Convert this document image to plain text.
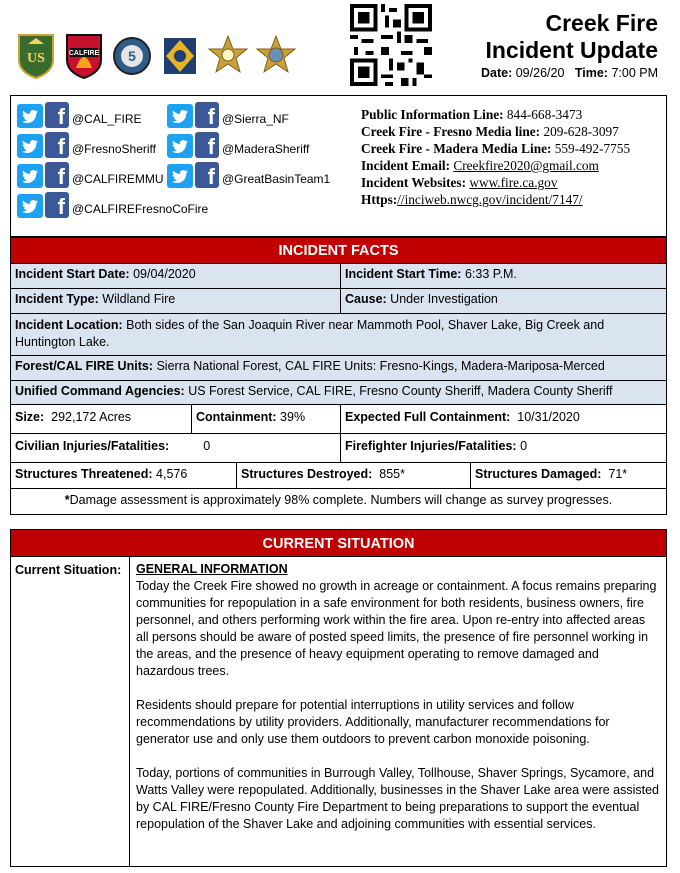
US	CALFIRE 5
Creek Fire
Incident Update
Date: 09/26/20 Time: 7:00 PM
f @CAL_FIRE
f @FresnoSheriff
f @CALFIREMMU
f @CALFIREFresnoCoFire
f @Sierra_NF
f @MaderaSheriff
f @GreatBasinTeam1
Public Information Line: 844-668-3473
Creek Fire - Fresno Media line: 209-628-3097
Creek Fire - Madera Media Line: 559-492-7755
Incident Email: Creekfire2020@gmail.com
Incident Websites: www.fire.ca.gov
Https://inciweb.nwcg.gov/incident/7147/
INCIDENT FACTS
Incident Start Date: 09/04/2020	Incident Start Time: 6:33 P.M.
Incident Type: Wildland Fire	Cause: Under Investigation
Incident Location: Both sides of the San Joaquin River near Mammoth Pool, Shaver Lake, Big Creek and Huntington Lake.
Forest/CAL FIRE Units: Sierra National Forest, CAL FIRE Units: Fresno-Kings, Madera-Mariposa-Merced
Unified Command Agencies: US Forest Service, CAL FIRE, Fresno County Sheriff, Madera County Sheriff
Size: 292,172 Acres	Containment: 39%	Expected Full Containment: 10/31/2020
Civilian Injuries/Fatalities:	0	Firefighter Injuries/Fatalities: 0
Structures Threatened: 4,576	Structures Destroyed: 855*	Structures Damaged: 71*
*Damage assessment is approximately 98% complete. Numbers will change as survey progresses.
CURRENT SITUATION
Current Situation:	GENERAL INFORMATION

Today the Creek Fire showed no growth in acreage or containment. A focus remains preparing communities for repopulation in a safe environment for both residents, business owners, fire personnel, and others performing work within the fire area. Upon re-entry into affected areas all persons should be aware of posted speed limits, the presence of fire personnel working in the areas, and the presence of heavy equipment operating to remove damaged and hazardous trees.

Residents should prepare for potential interruptions in utility services and follow recommendations by utility providers. Additionally, manufacturer recommendations for generator use and only use them outdoors to prevent carbon monoxide poisoning.

Today, portions of communities in Burrough Valley, Tollhouse, Shaver Springs, Sycamore, and Watts Valley were repopulated. Additionally, businesses in the Shaver Lake area were assisted by CAL FIRE/Fresno County Fire Department to being preparations to support the eventual repopulation of the Shaver Lake and adjoining communities with essential services.
